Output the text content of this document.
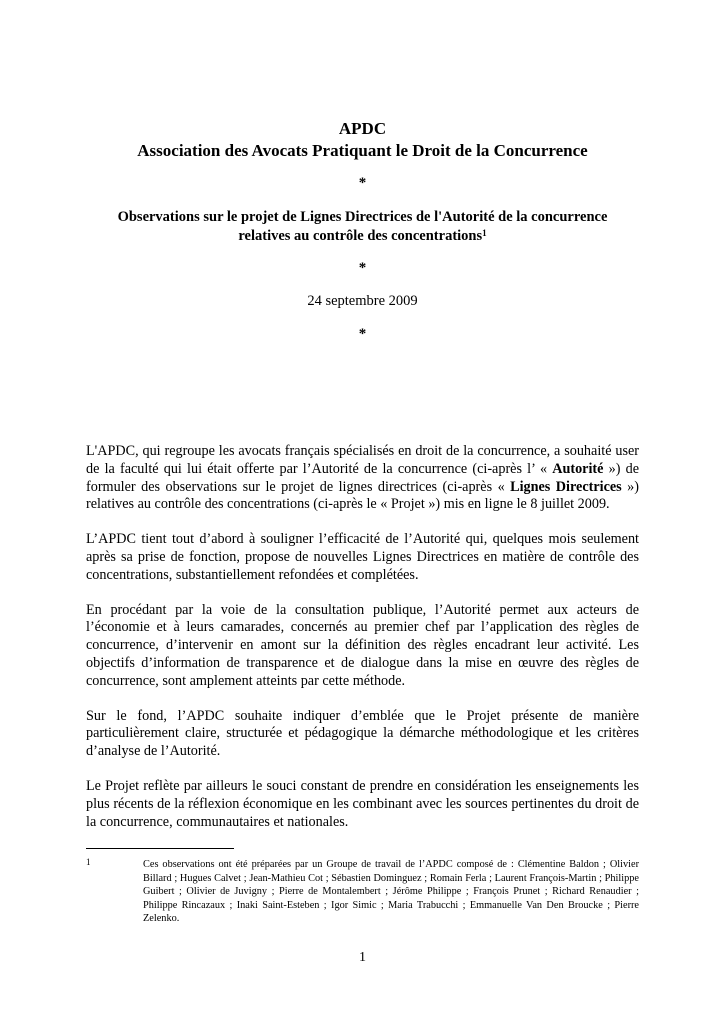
APDC
Association des Avocats Pratiquant le Droit de la Concurrence
*
Observations sur le projet de Lignes Directrices de l'Autorité de la concurrence
relatives au contrôle des concentrations$^1$
*
24 septembre 2009
*

L'APDC, qui regroupe les avocats français spécialisés en droit de la concurrence, a souhaité user de la faculté qui lui était offerte par l’Autorité de la concurrence (ci-après l’ « Autorité ») de formuler des observations sur le projet de lignes directrices (ci-après « Lignes Directrices ») relatives au contrôle des concentrations (ci-après le « Projet ») mis en ligne le 8 juillet 2009.

L’APDC tient tout d’abord à souligner l’efficacité de l’Autorité qui, quelques mois seulement après sa prise de fonction, propose de nouvelles Lignes Directrices en matière de contrôle des concentrations, substantiellement refondées et complétées.

En procédant par la voie de la consultation publique, l’Autorité permet aux acteurs de l’économie et à leurs camarades, concernés au premier chef par l’application des règles de concurrence, d’intervenir en amont sur la définition des règles encadrant leur activité. Les objectifs d’information de transparence et de dialogue dans la mise en œuvre des règles de concurrence, sont amplement atteints par cette méthode.

Sur le fond, l’APDC souhaite indiquer d’emblée que le Projet présente de manière particulièrement claire, structurée et pédagogique la démarche méthodologique et les critères d’analyse de l’Autorité.

Le Projet reflète par ailleurs le souci constant de prendre en considération les enseignements les plus récents de la réflexion économique en les combinant avec les sources pertinentes du droit de la concurrence, communautaires et nationales.

1	Ces observations ont été préparées par un Groupe de travail de l’APDC composé de : Clémentine Baldon ; Olivier Billard ; Hugues Calvet ; Jean-Mathieu Cot ; Sébastien Dominguez ; Romain Ferla ; Laurent François-Martin ; Philippe Guibert ; Olivier de Juvigny ; Pierre de Montalembert ; Jérôme Philippe ; François Prunet ; Richard Renaudier ; Philippe Rincazaux ; Inaki Saint-Esteben ; Igor Simic ; Maria Trabucchi ; Emmanuelle Van Den Broucke ; Pierre Zelenko.
1
